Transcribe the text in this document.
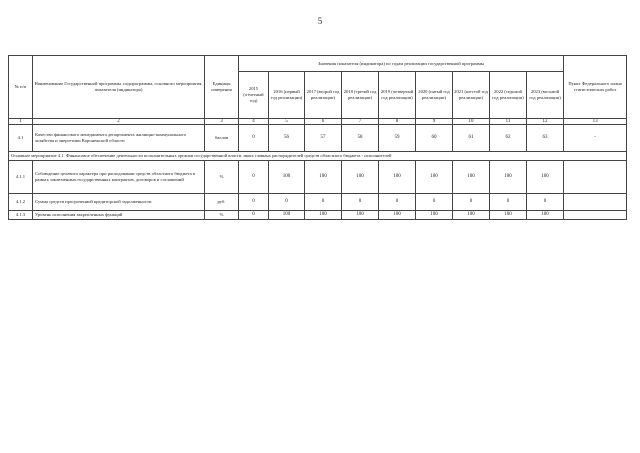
5
№ п/п	Наименование Государственной программы, подпрограммы, основного мероприятия, показателя (индикатора)	Единицы измерения	Значения показателя (индикатора) по годам реализации государственной программы									Пункт Федерального плана статистических работ
			2015 (отчетный год)	2016 (первый год реализации)	2017 (второй год реализации)	2018 (третий год реализации)	2019 (четвертый год реализации)	2020 (пятый год реализации)	2021 (шестой год реализации)	2022 (седьмой год реализации)	2023 (восьмой год реализации)	
1	2	3	4	5	6	7	8	9	10	11	12	13
4.1	Качество финансового менеджмента департамента жилищно-коммунального хозяйства и энергетики Воронежской области	баллов	0	56	57	58	59	60	61	62	63	-
Основное мероприятие 4.1. Финансовое обеспечение деятельности исполнительных органов государственной власти, иных главных распорядителей средств областного бюджета - исполнителей												
4.1.1	Соблюдение целевого характера при расходовании средств областного бюджета в рамках заключенных государственных контрактов, договоров и соглашений	%	0	100	100	100	100	100	100	100	100	
4.1.2	Сумма средств просроченной кредиторской задолженности	руб.	0	0	0	0	0	0	0	0	0	
4.1.3	Уровень исполнения закрепленных функций	%	0	100	100	100	100	100	100	100	100	
